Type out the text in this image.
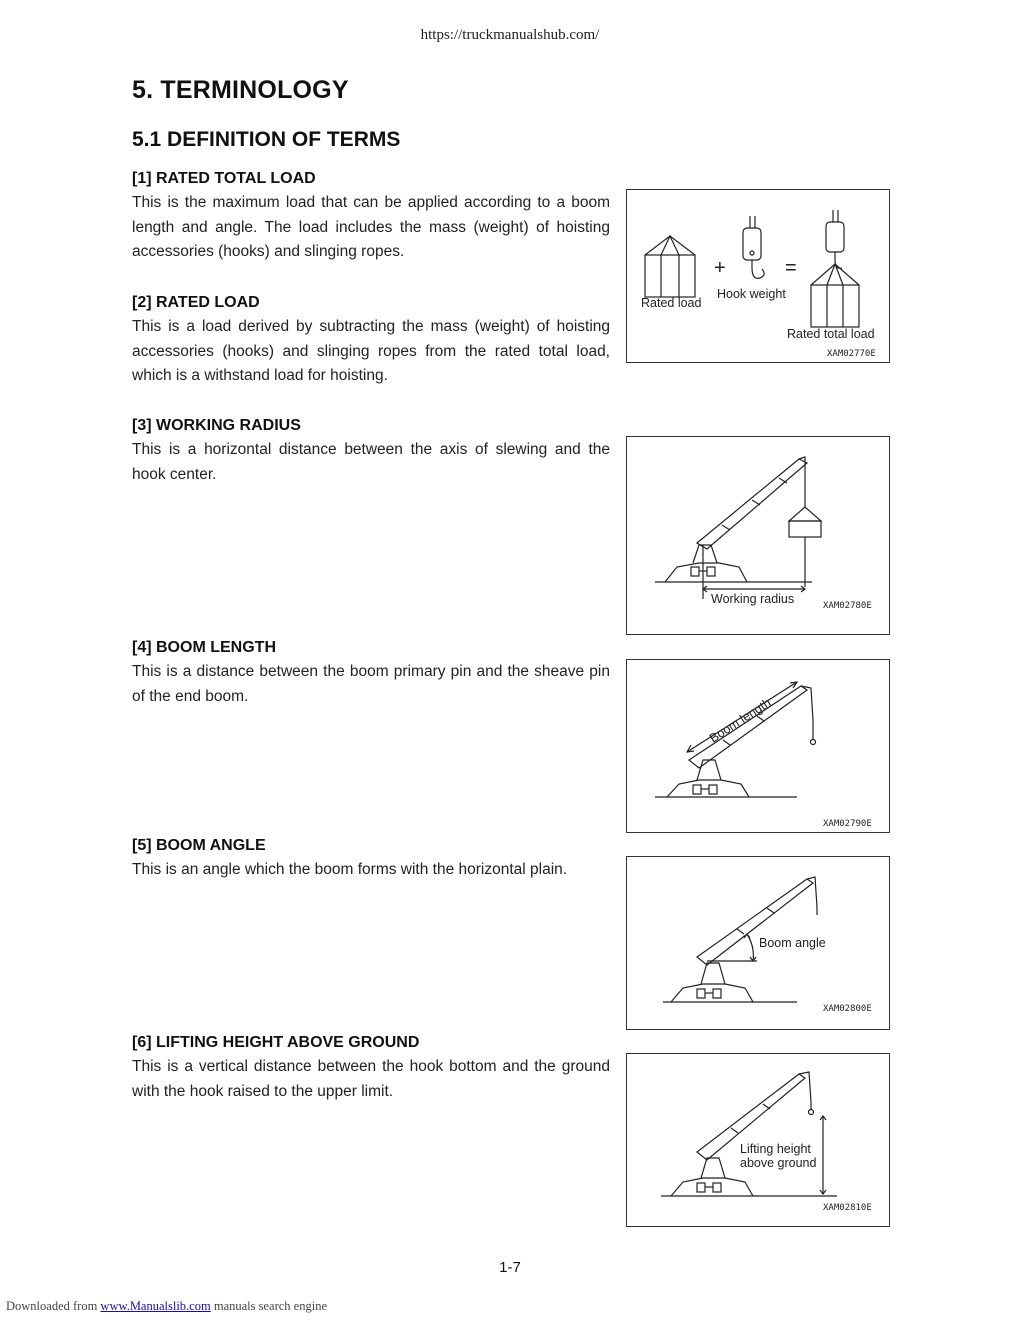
https://truckmanualshub.com/
5. TERMINOLOGY
5.1 DEFINITION OF TERMS

[1] RATED TOTAL LOAD

This is the maximum load that can be applied according to a boom length and angle. The load includes the mass (weight) of hoisting accessories (hooks) and slinging ropes.

[2] RATED LOAD

This is a load derived by subtracting the mass (weight) of hoisting accessories (hooks) and slinging ropes from the rated total load, which is a withstand load for hoisting.

[3] WORKING RADIUS

This is a horizontal distance between the axis of slewing and the hook center.

[4] BOOM LENGTH

This is a distance between the boom primary pin and the sheave pin of the end boom.

[5] BOOM ANGLE

This is an angle which the boom forms with the horizontal plain.

[6] LIFTING HEIGHT ABOVE GROUND

This is a vertical distance between the hook bottom and the ground with the hook raised to the upper limit.

+	=
Rated load
Hook weight
Rated total load
XAM02770E
Working radius	XAM02780E
Boom length
XAM02790E
Boom angle
XAM02800E
Lifting height
above ground
XAM02810E
1-7
Downloaded from www.Manualslib.com manuals search engine
